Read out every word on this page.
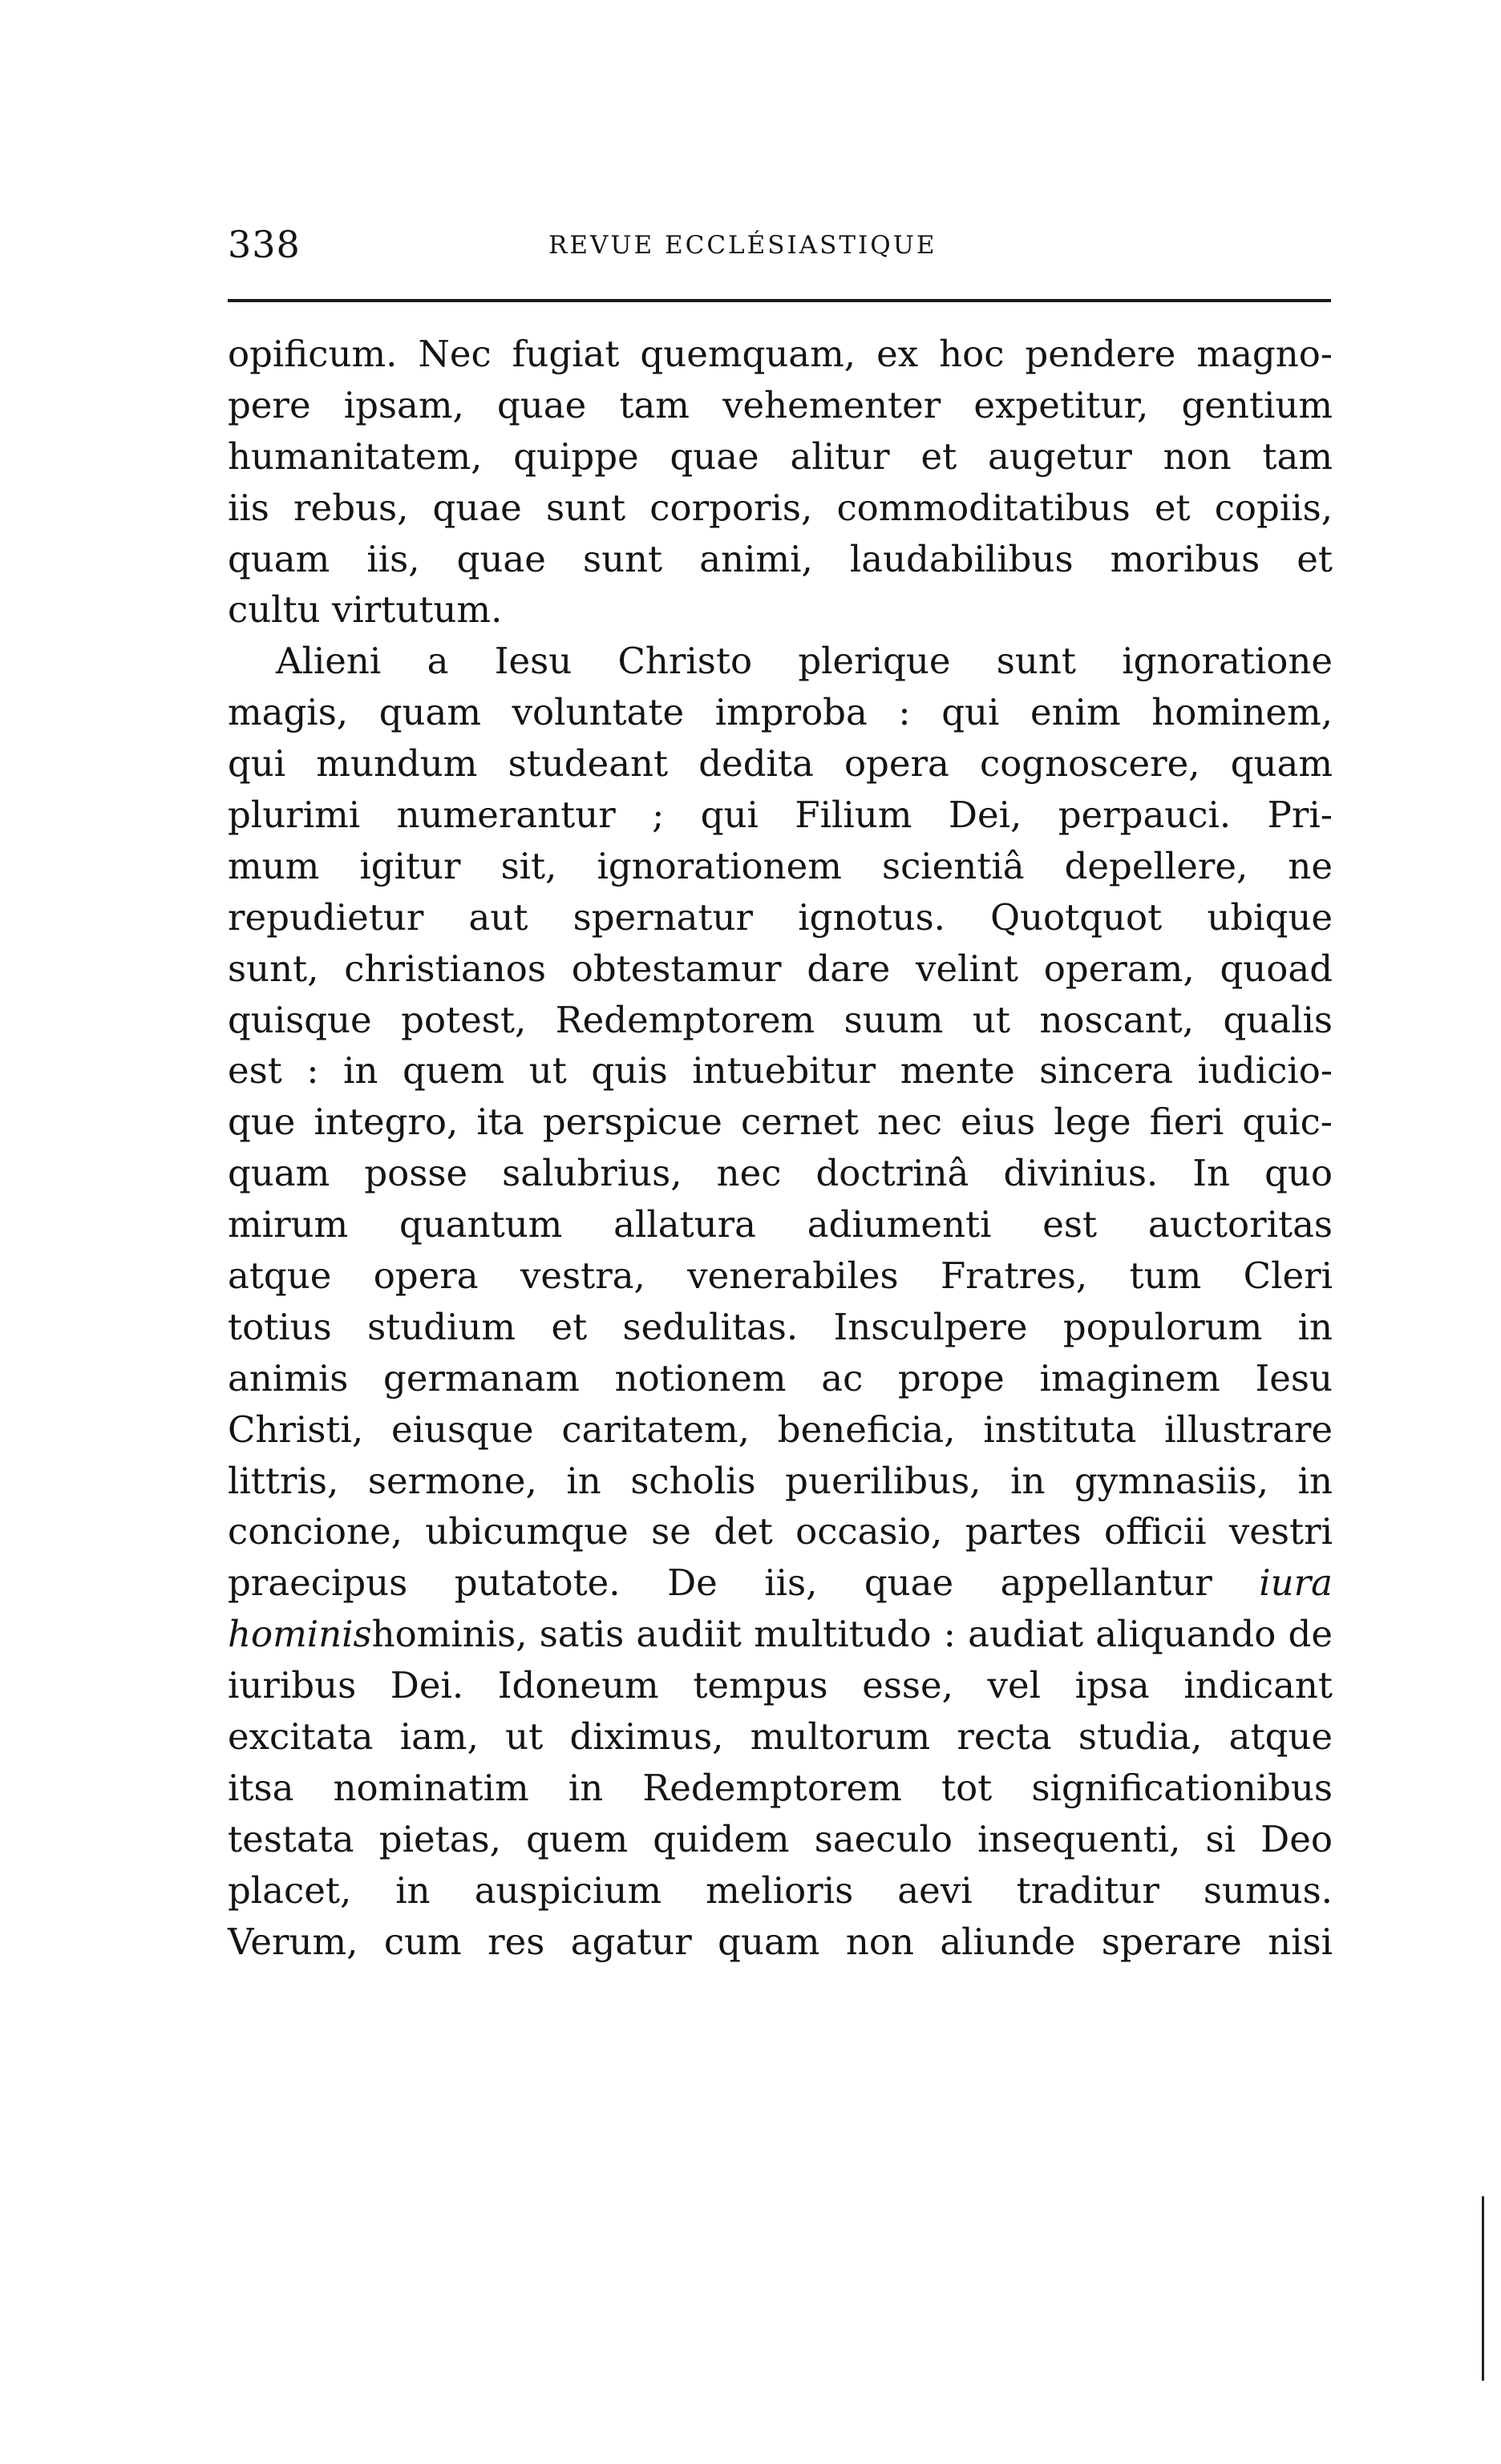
338	REVUE ECCLÉSIASTIQUE
opificum. Nec fugiat quemquam, ex hoc pendere magno-
pere ipsam, quae tam vehementer expetitur, gentium
humanitatem, quippe quae alitur et augetur non tam
iis rebus, quae sunt corporis, commoditatibus et copiis,
quam iis, quae sunt animi, laudabilibus moribus et
cultu virtutum.
Alieni a Iesu Christo plerique sunt ignoratione
magis, quam voluntate improba : qui enim hominem,
qui mundum studeant dedita opera cognoscere, quam
plurimi numerantur ; qui Filium Dei, perpauci. Pri-
mum igitur sit, ignorationem scientiâ depellere, ne
repudietur aut spernatur ignotus. Quotquot ubique
sunt, christianos obtestamur dare velint operam, quoad
quisque potest, Redemptorem suum ut noscant, qualis
est : in quem ut quis intuebitur mente sincera iudicio-
que integro, ita perspicue cernet nec eius lege fieri quic-
quam posse salubrius, nec doctrinâ divinius. In quo
mirum quantum allatura adiumenti est auctoritas
atque opera vestra, venerabiles Fratres, tum Cleri
totius studium et sedulitas. Insculpere populorum in
animis germanam notionem ac prope imaginem Iesu
Christi, eiusque caritatem, beneficia, instituta illustrare
littris, sermone, in scholis puerilibus, in gymnasiis, in
concione, ubicumque se det occasio, partes officii vestri
praecipus putatote. De iis, quae appellantur iura
hominishominis, satis audiit multitudo : audiat aliquando de
iuribus Dei. Idoneum tempus esse, vel ipsa indicant
excitata iam, ut diximus, multorum recta studia, atque
itsa nominatim in Redemptorem tot significationibus
testata pietas, quem quidem saeculo insequenti, si Deo
placet, in auspicium melioris aevi traditur sumus.
Verum, cum res agatur quam non aliunde sperare nisi
